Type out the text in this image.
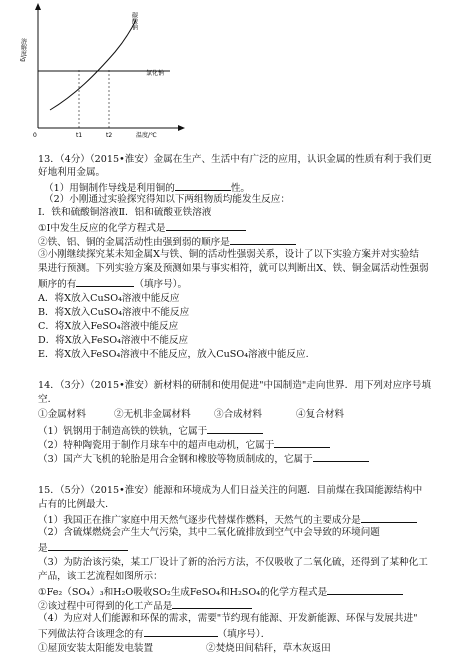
溶解度/g
温度/℃
0	t1	t2
碳酸钠
氯化钠
13．（4分）（2015•淮安）金属在生产、生活中有广泛的应用，认识金属的性质有利于我们更
好地利用金属。
（1）用铜制作导线是利用铜的	性。
（2）小刚通过实验探究得知以下两组物质均能发生反应：
Ⅰ．铁和硫酸铜溶液Ⅱ．铝和硫酸亚铁溶液
①Ⅰ中发生反应的化学方程式是
②铁、铝、铜的金属活动性由强到弱的顺序是
③小刚继续探究某未知金属X与铁、铜的活动性强弱关系，设计了以下实验方案并对实验结
果进行预测。下列实验方案及预测如果与事实相符，就可以判断出X、铁、铜金属活动性强弱
顺序的有	（填序号）。
A．将X放入CuSO₄溶液中能反应
B．将X放入CuSO₄溶液中不能反应
C．将X放入FeSO₄溶液中能反应
D．将X放入FeSO₄溶液中不能反应
E．将X放入FeSO₄溶液中不能反应，放入CuSO₄溶液中能反应.
14．（3分）（2015•淮安）新材料的研制和使用促进"中国制造"走向世界．用下列对应序号填
空．
①金属材料	②无机非金属材料 ③合成材料	④复合材料
（1）钒钢用于制造高铁的铁轨，它属于
（2）特种陶瓷用于制作月球车中的超声电动机，它属于
（3）国产大飞机的轮胎是用合金钢和橡胶等物质制成的，它属于
15．（5分）（2015•淮安）能源和环境成为人们日益关注的问题．目前煤在我国能源结构中
占有的比例最大．
（1）我国正在推广家庭中用天然气逐步代替煤作燃料，天然气的主要成分是
（2）含硫煤燃烧会产生大气污染，其中二氧化硫排放到空气中会导致的环境问题
是
（3）为防治该污染，某工厂设计了新的治污方法，不仅吸收了二氧化硫，还得到了某种化工
产品，该工艺流程如图所示：
①Fe₂（SO₄）₃和H₂O吸收SO₂生成FeSO₄和H₂SO₄的化学方程式是
②该过程中可得到的化工产品是
（4）为应对人们能源和环保的需求，需要"节约现有能源、开发新能源、环保与发展共进"
下列做法符合该理念的有	（填序号）．
①屋顶安装太阳能发电装置	②焚烧田间秸秆，草木灰返田
